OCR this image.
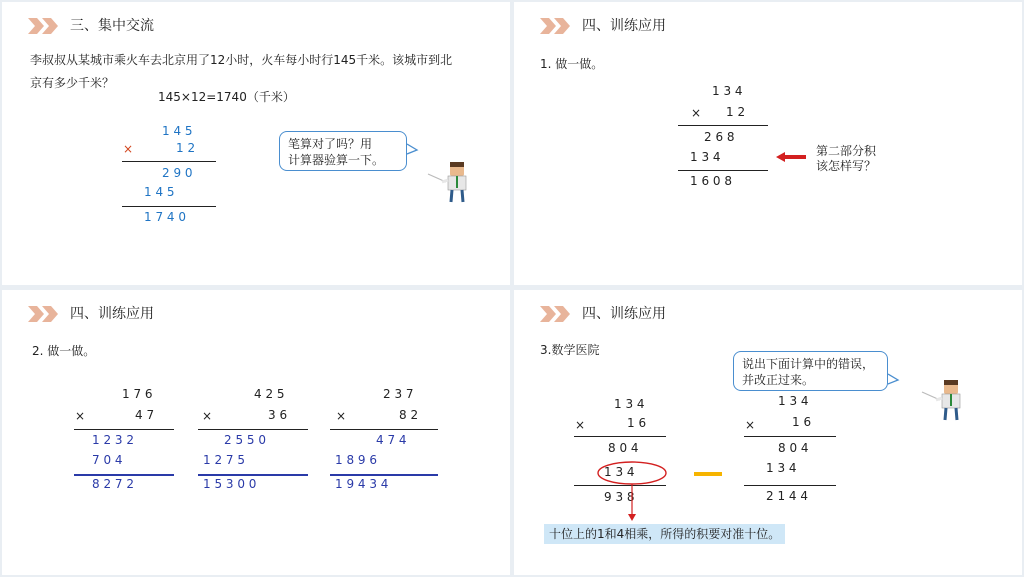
三、集中交流
李叔叔从某城市乘火车去北京用了12小时，火车每小时行145千米。该城市到北
京有多少千米？
145×12=1740（千米）
1 4 5
×	1 2
2 9 0
1 4 5
1 7 4 0
笔算对了吗？用
计算器验算一下。
四、训练应用
1. 做一做。
1 3 4
× 1 2
2 6 8
1 3 4
1 6 0 8
第二部分积
该怎样写？
四、训练应用
2. 做一做。
1 7 6
×	4 7
1 2 3 2
7 0 4
8 2 7 2
4 2 5
×	3 6
2 5 5 0
1 2 7 5
1 5 3 0 0
2 3 7
×	8 2
4 7 4
1 8 9 6
1 9 4 3 4
四、训练应用
3.数学医院
说出下面计算中的错误，
并改正过来。
1 3 4
×	1 6
8 0 4
1 3 4
9 3 8
1 3 4
×	1 6
8 0 4
1 3 4
2 1 4 4
十位上的1和4相乘，所得的积要对准十位。
